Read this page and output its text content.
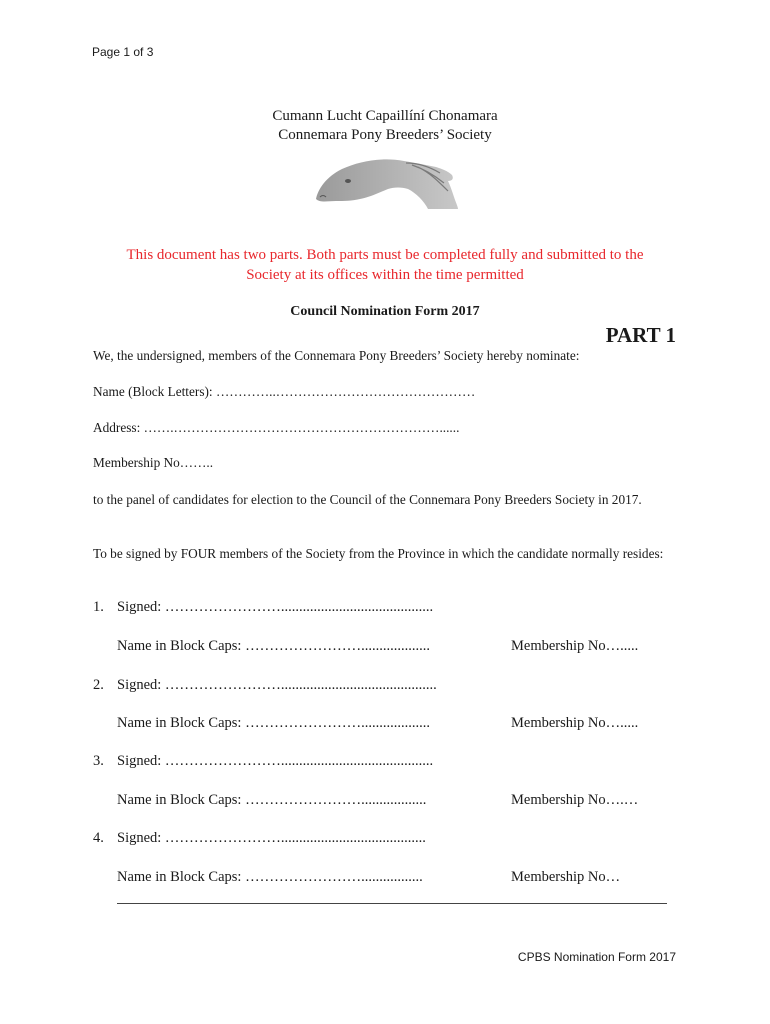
Page 1 of 3
Cumann Lucht Capaillíní Chonamara
Connemara Pony Breeders’ Society
This document has two parts. Both parts must be completed fully and submitted to the
Society at its offices within the time permitted
Council Nomination Form 2017
PART 1
We, the undersigned, members of the Connemara Pony Breeders’ Society hereby nominate:
Name (Block Letters): …………..………………………………………
Address: …….……………………………………………………......
Membership No……..
to the panel of candidates for election to the Council of the Connemara Pony Breeders Society in 2017.
To be signed by FOUR members of the Society from the Province in which the candidate normally resides:
1. Signed: ……………………..........................................
Name in Block Caps: ……………………...................	Membership No….....
2. Signed: ……………………...........................................
Name in Block Caps: ……………………...................	Membership No….....
3. Signed: ……………………..........................................
Name in Block Caps: ……………………..................	Membership No….…
4. Signed: ……………………........................................
Name in Block Caps: …………………….................	Membership No…
CPBS Nomination Form 2017
